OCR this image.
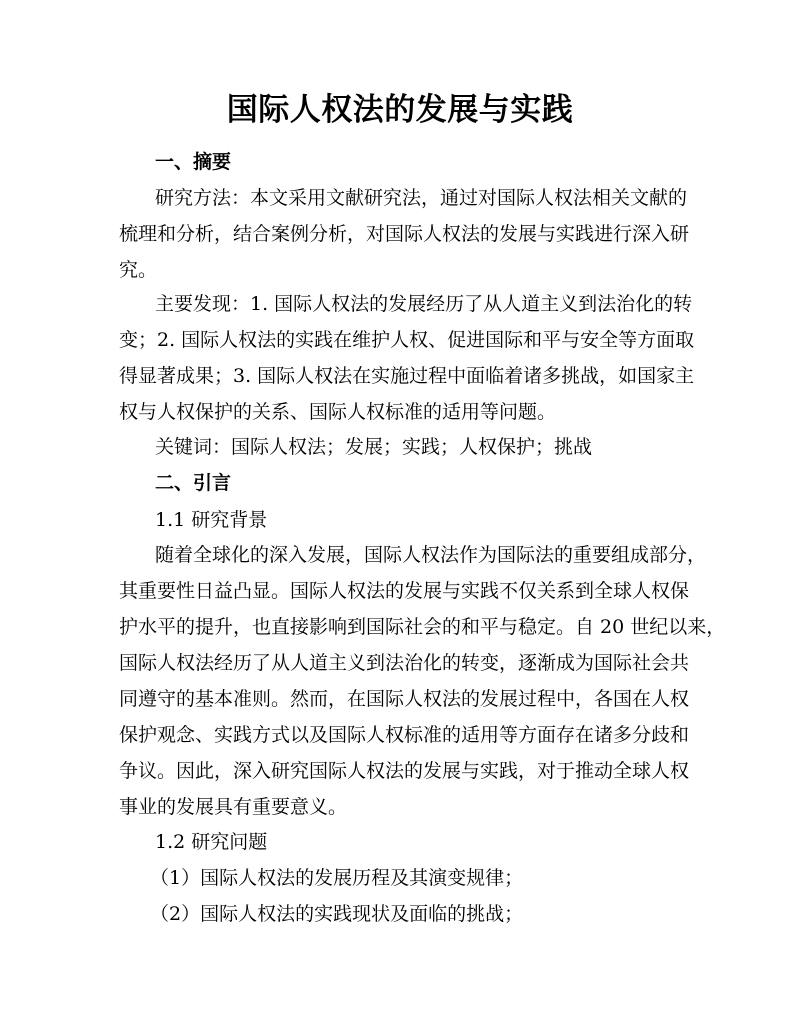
国际人权法的发展与实践
一、摘要
研究方法：本文采用文献研究法，通过对国际人权法相关文献的
梳理和分析，结合案例分析，对国际人权法的发展与实践进行深入研
究。
主要发现：1. 国际人权法的发展经历了从人道主义到法治化的转
变；2. 国际人权法的实践在维护人权、促进国际和平与安全等方面取
得显著成果；3. 国际人权法在实施过程中面临着诸多挑战，如国家主
权与人权保护的关系、国际人权标准的适用等问题。
关键词：国际人权法；发展；实践；人权保护；挑战
二、引言
1.1 研究背景
随着全球化的深入发展，国际人权法作为国际法的重要组成部分，
其重要性日益凸显。国际人权法的发展与实践不仅关系到全球人权保
护水平的提升，也直接影响到国际社会的和平与稳定。自 20 世纪以来，
国际人权法经历了从人道主义到法治化的转变，逐渐成为国际社会共
同遵守的基本准则。然而，在国际人权法的发展过程中，各国在人权
保护观念、实践方式以及国际人权标准的适用等方面存在诸多分歧和
争议。因此，深入研究国际人权法的发展与实践，对于推动全球人权
事业的发展具有重要意义。
1.2 研究问题
（1）国际人权法的发展历程及其演变规律；
（2）国际人权法的实践现状及面临的挑战；
